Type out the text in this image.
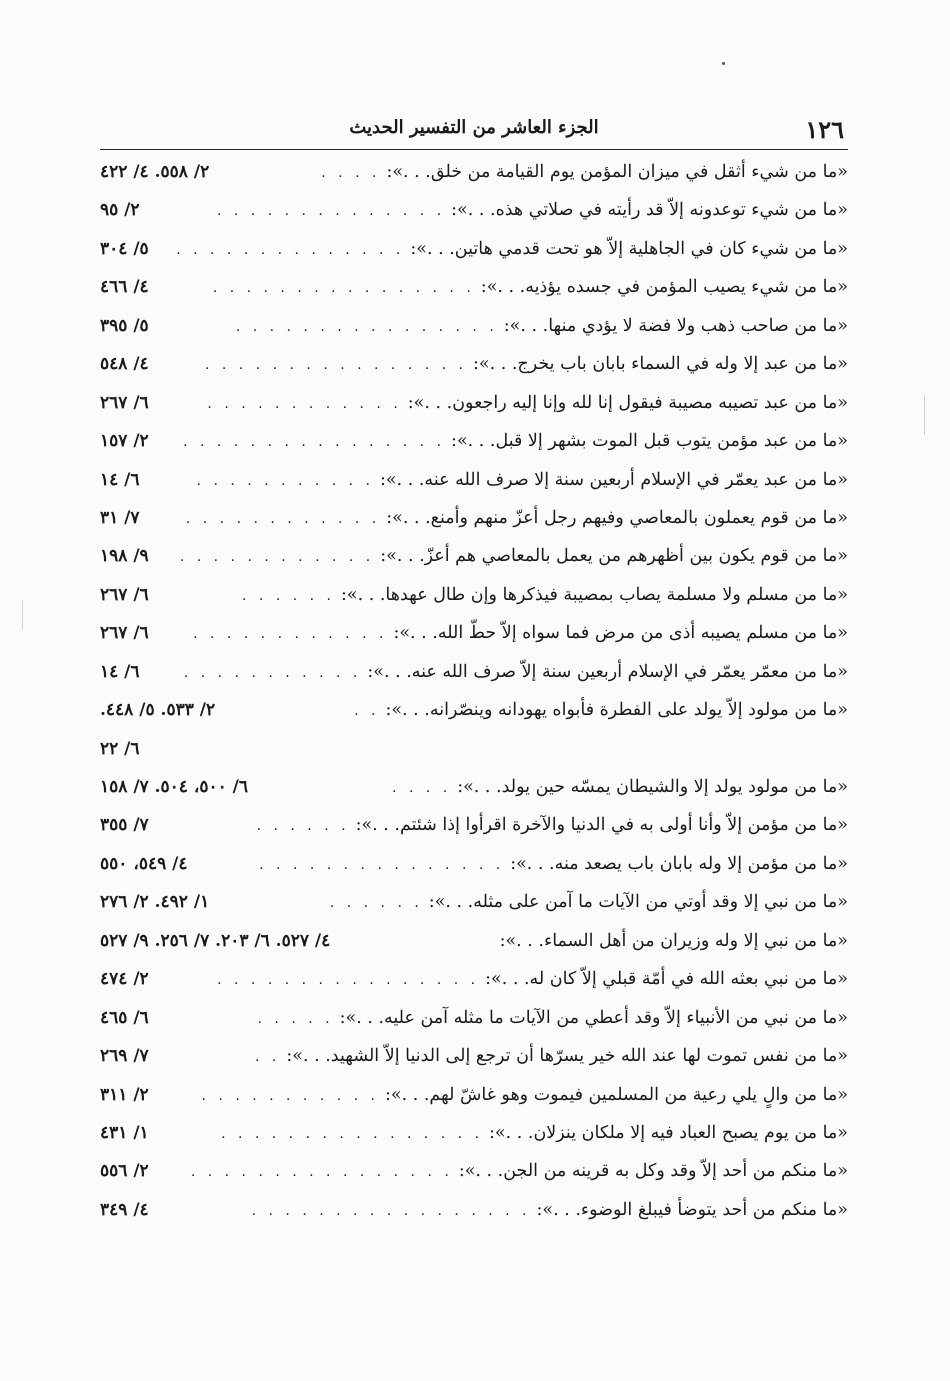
١٢٦
الجزء العاشر من التفسير الحديث
«ما من شيء أثقل في ميزان المؤمن يوم القيامة من خلق. . .»:
. . . .
٢/ ٥٥٨. ٤/ ٤٢٢
«ما من شيء توعدونه إلاّ قد رأيته في صلاتي هذه. . .»:
. . . . . . . . . . . . . .
٢/ ٩٥
«ما من شيء كان في الجاهلية إلاّ هو تحت قدمي هاتين. . .»:
. . . . . . . . . . . . . .
٥/ ٣٠٤
«ما من شيء يصيب المؤمن في جسده يؤذيه. . .»:
. . . . . . . . . . . . . . . .
٤/ ٤٦٦
«ما من صاحب ذهب ولا فضة لا يؤدي منها. . .»:
. . . . . . . . . . . . . . . .
٥/ ٣٩٥
«ما من عبد إلا وله في السماء بابان باب يخرج. . .»:
. . . . . . . . . . . . . . . .
٤/ ٥٤٨
«ما من عبد تصيبه مصيبة فيقول إنا لله وإنا إليه راجعون. . .»:
. . . . . . . . . . . .
٦/ ٢٦٧
«ما من عبد مؤمن يتوب قبل الموت بشهر إلا قبل. . .»:
. . . . . . . . . . . . . . . .
٢/ ١٥٧
«ما من عبد يعمّر في الإسلام أربعين سنة إلا صرف الله عنه. . .»:
. . . . . . . . . . .
٦/ ١٤
«ما من قوم يعملون بالمعاصي وفيهم رجل أعزّ منهم وأمنع. . .»:
. . . . . . . . . . . .
٧/ ٣١
«ما من قوم يكون بين أظهرهم من يعمل بالمعاصي هم أعزّ. . .»:
. . . . . . . . . . . .
٩/ ١٩٨
«ما من مسلم ولا مسلمة يصاب بمصيبة فيذكرها وإن طال عهدها. . .»:
. . . . . .
٦/ ٢٦٧
«ما من مسلم يصيبه أذى من مرض فما سواه إلاّ حطّ الله. . .»:
. . . . . . . . . . . .
٦/ ٢٦٧
«ما من معمّر يعمّر في الإسلام أربعين سنة إلاّ صرف الله عنه. . .»:
. . . . . . . . . . .
٦/ ١٤
«ما من مولود إلاّ يولد على الفطرة فأبواه يهودانه وينصّرانه. . .»:
. .
٢/ ٥٣٣. ٥/ ٤٤٨.
٦/ ٢٢
«ما من مولود يولد إلا والشيطان يمسّه حين يولد. . .»:
. . . .
٦/ ٥٠٠، ٥٠٤. ٧/ ١٥٨
«ما من مؤمن إلاّ وأنا أولى به في الدنيا والآخرة اقرأوا إذا شئتم. . .»:
. . . . . .
٧/ ٣٥٥
«ما من مؤمن إلا وله بابان باب يصعد منه. . .»:
. . . . . . . . . . . . . . .
٤/ ٥٤٩، ٥٥٠
«ما من نبي إلا وقد أوتي من الآيات ما آمن على مثله. . .»:
. . . . . .
١/ ٤٩٢. ٢/ ٢٧٦
«ما من نبي إلا وله وزيران من أهل السماء. . .»:
٤/ ٥٢٧. ٦/ ٢٠٣. ٧/ ٢٥٦. ٩/ ٥٢٧
«ما من نبي بعثه الله في أمّة قبلي إلاّ كان له. . .»:
. . . . . . . . . . . . . . . .
٢/ ٤٧٤
«ما من نبي من الأنبياء إلاّ وقد أعطي من الآيات ما مثله آمن عليه. . .»:
. . . . .
٦/ ٤٦٥
«ما من نفس تموت لها عند الله خير يسرّها أن ترجع إلى الدنيا إلاّ الشهيد. . .»:
. .
٧/ ٢٦٩
«ما من والٍ يلي رعية من المسلمين فيموت وهو غاشّ لهم. . .»:
. . . . . . . . . . .
٢/ ٣١١
«ما من يوم يصبح العباد فيه إلا ملكان ينزلان. . .»:
. . . . . . . . . . . . . . . .
١/ ٤٣١
«ما منكم من أحد إلاّ وقد وكل به قرينه من الجن. . .»:
. . . . . . . . . . . . . . . .
٢/ ٥٥٦
«ما منكم من أحد يتوضأ فيبلغ الوضوء. . .»:
. . . . . . . . . . . . . . . . .
٤/ ٣٤٩
